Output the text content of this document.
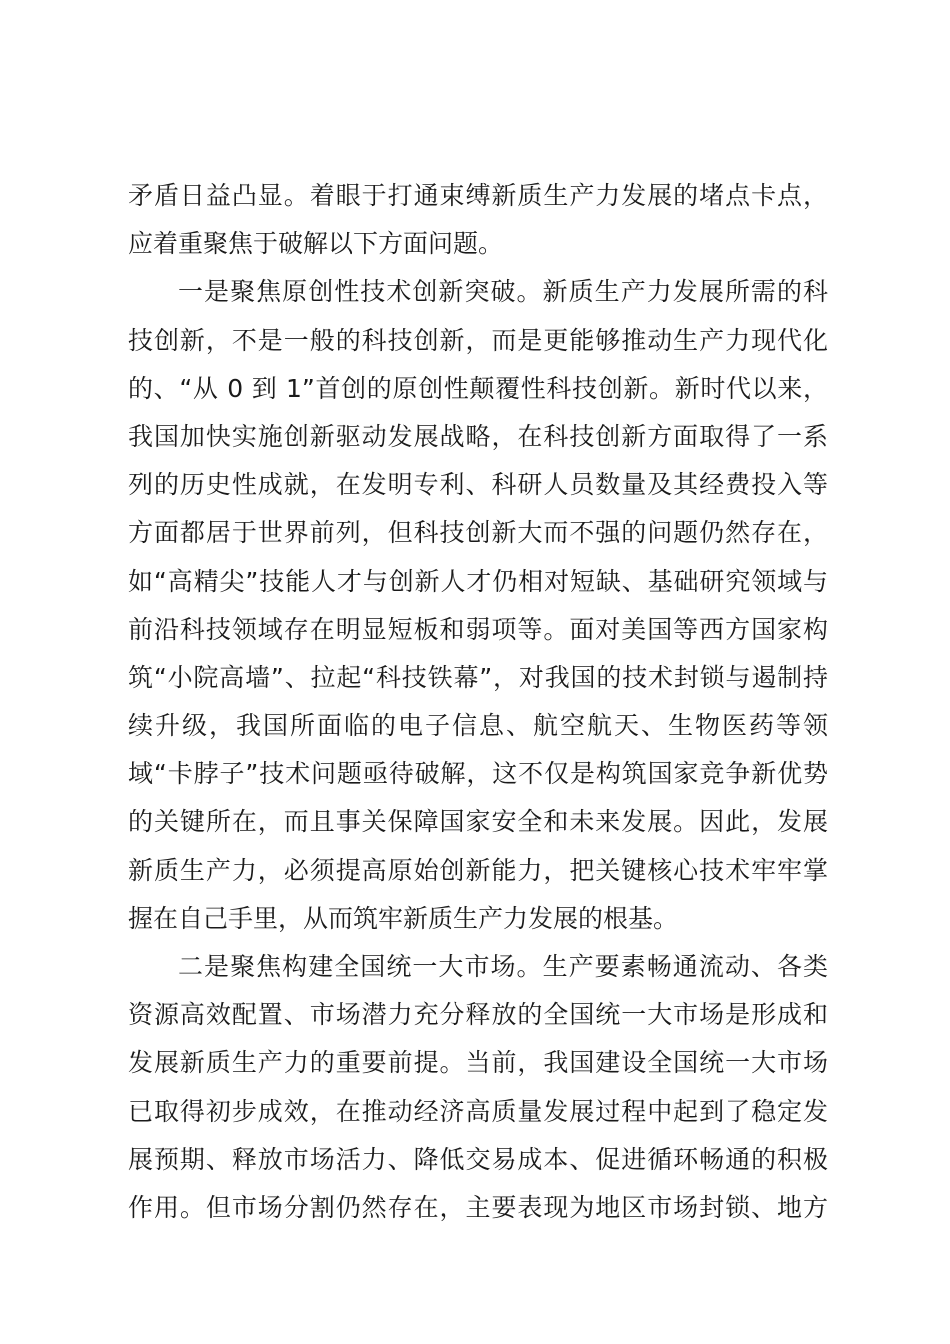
矛盾日益凸显。着眼于打通束缚新质生产力发展的堵点卡点，
应着重聚焦于破解以下方面问题。
一是聚焦原创性技术创新突破。新质生产力发展所需的科
技创新，不是一般的科技创新，而是更能够推动生产力现代化
的、“从 0 到 1”首创的原创性颠覆性科技创新。新时代以来，
我国加快实施创新驱动发展战略，在科技创新方面取得了一系
列的历史性成就，在发明专利、科研人员数量及其经费投入等
方面都居于世界前列，但科技创新大而不强的问题仍然存在，
如“高精尖”技能人才与创新人才仍相对短缺、基础研究领域与
前沿科技领域存在明显短板和弱项等。面对美国等西方国家构
筑“小院高墙”、拉起“科技铁幕”，对我国的技术封锁与遏制持
续升级，我国所面临的电子信息、航空航天、生物医药等领
域“卡脖子”技术问题亟待破解，这不仅是构筑国家竞争新优势
的关键所在，而且事关保障国家安全和未来发展。因此，发展
新质生产力，必须提高原始创新能力，把关键核心技术牢牢掌
握在自己手里，从而筑牢新质生产力发展的根基。
二是聚焦构建全国统一大市场。生产要素畅通流动、各类
资源高效配置、市场潜力充分释放的全国统一大市场是形成和
发展新质生产力的重要前提。当前，我国建设全国统一大市场
已取得初步成效，在推动经济高质量发展过程中起到了稳定发
展预期、释放市场活力、降低交易成本、促进循环畅通的积极
作用。但市场分割仍然存在，主要表现为地区市场封锁、地方
